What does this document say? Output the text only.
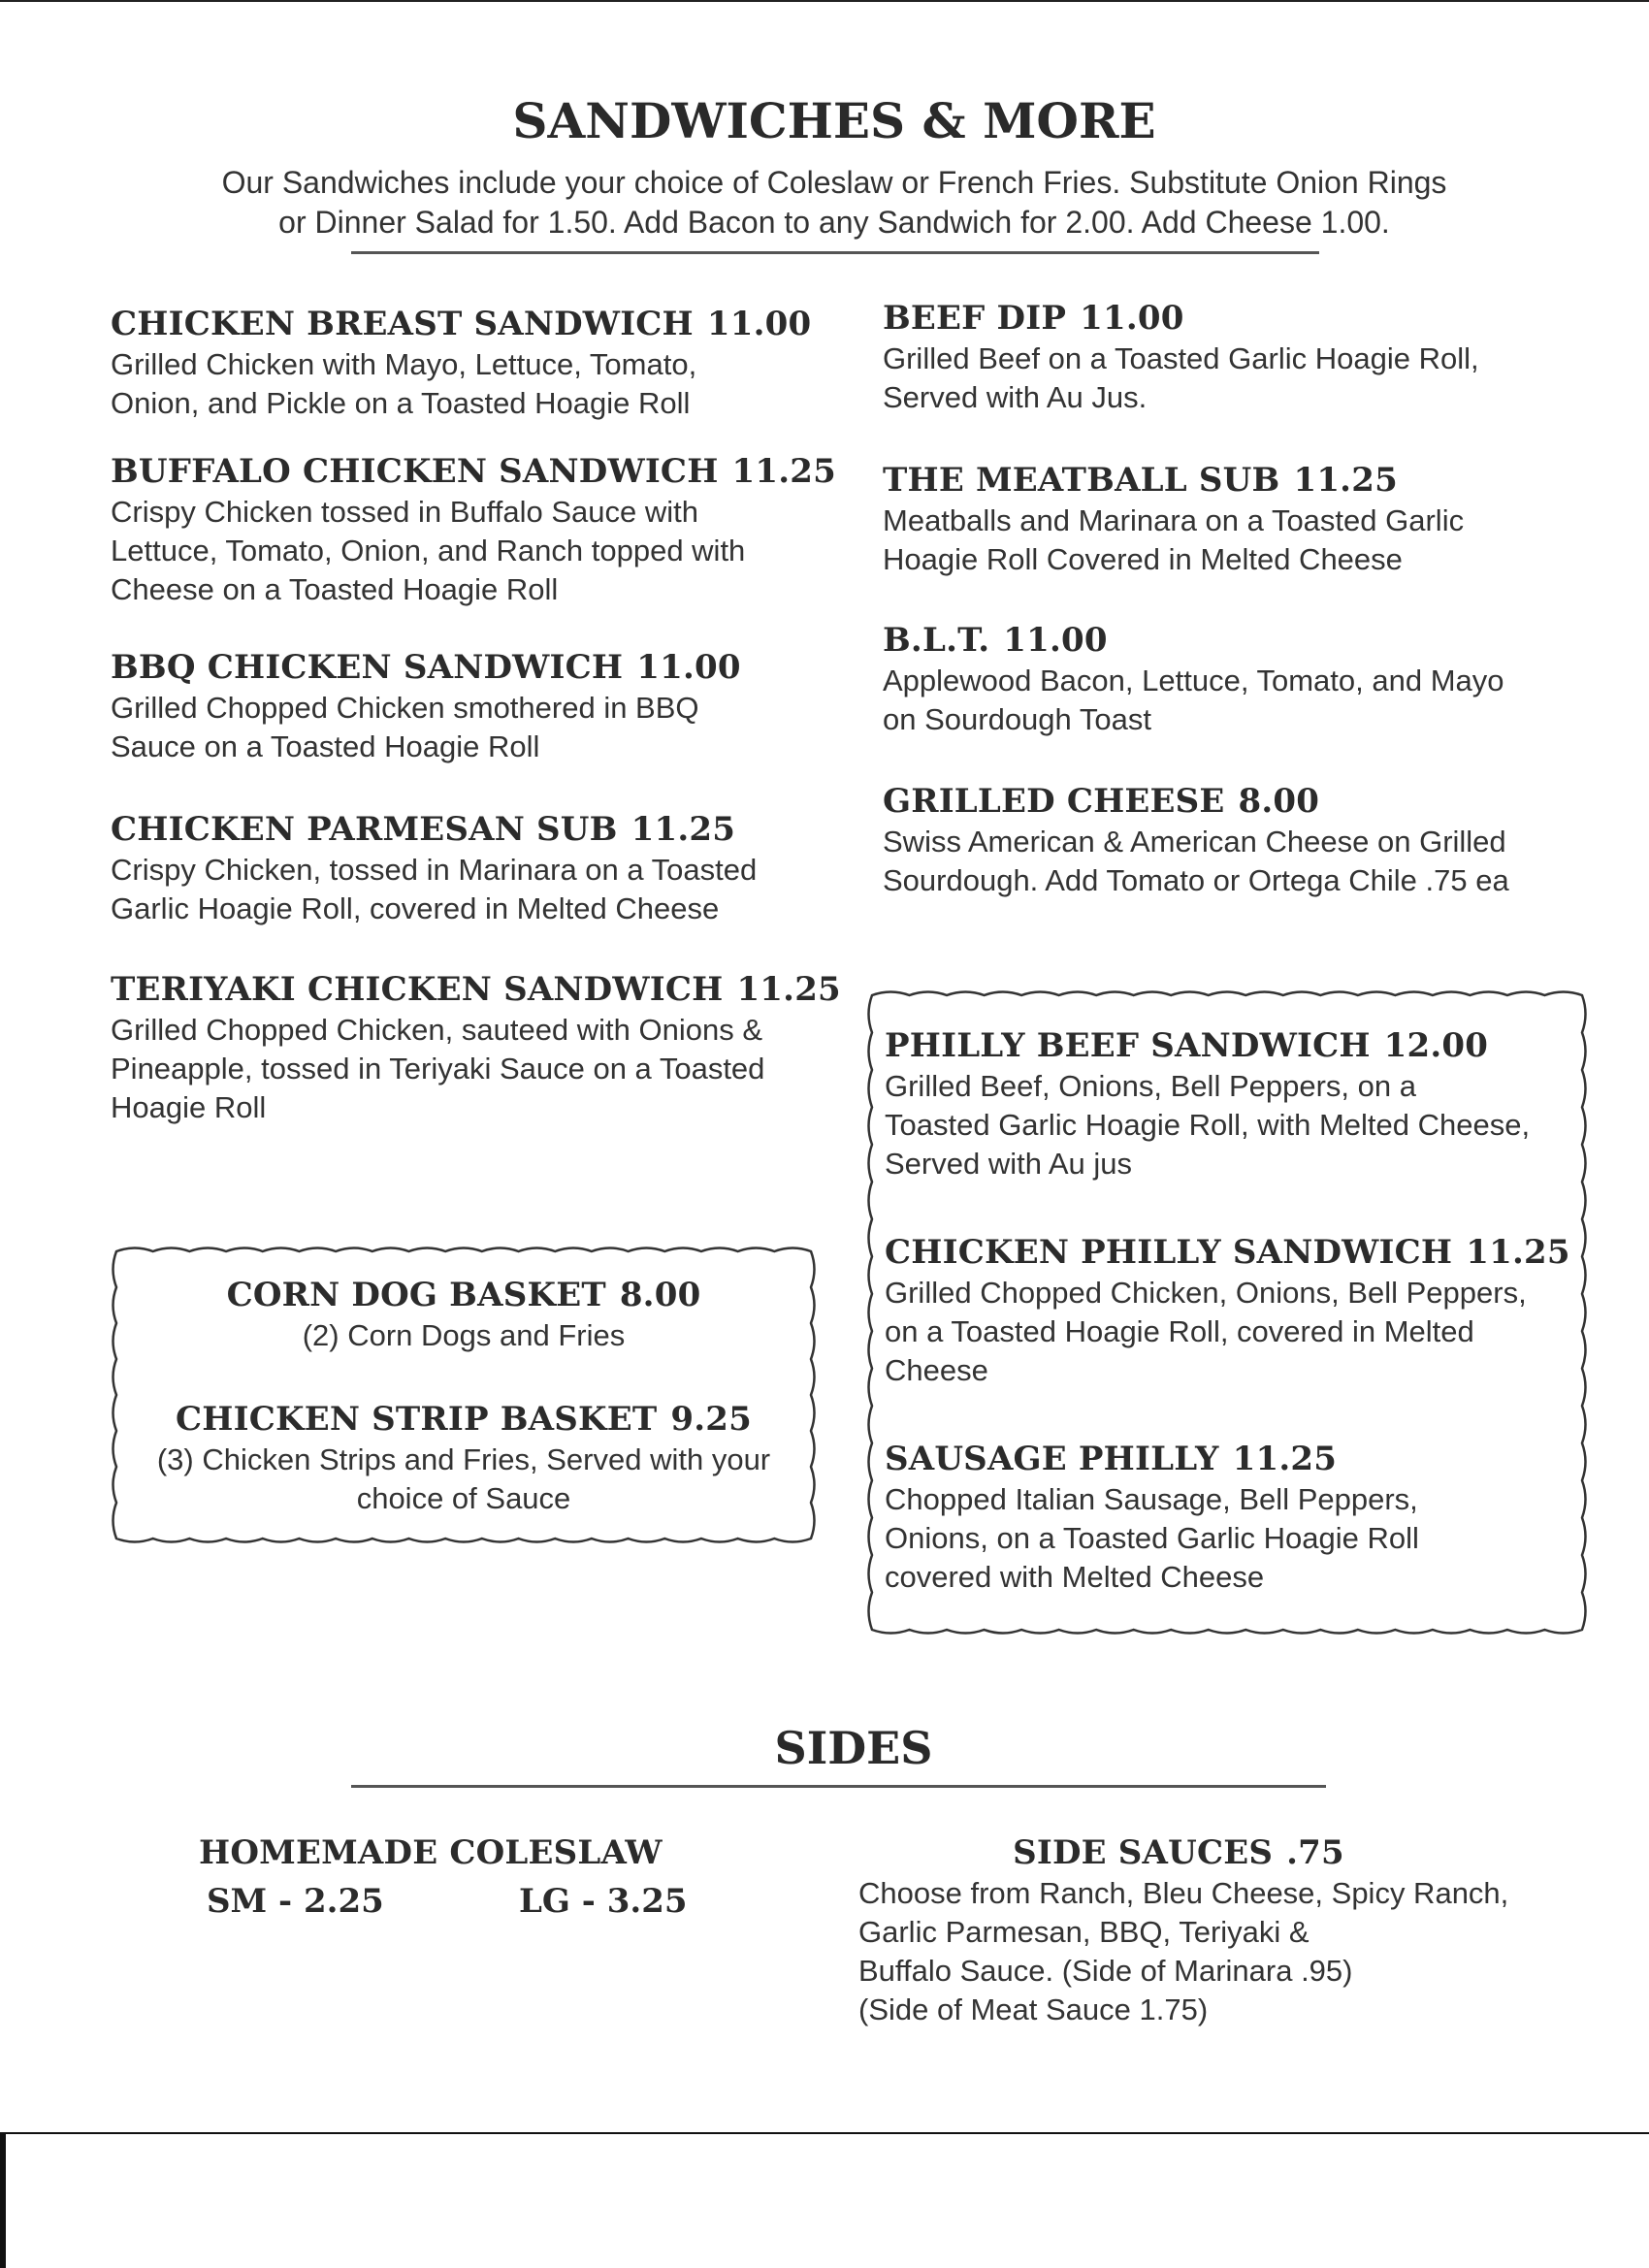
SANDWICHES & MORE
Our Sandwiches include your choice of Coleslaw or French Fries. Substitute Onion Rings
or Dinner Salad for 1.50. Add Bacon to any Sandwich for 2.00. Add Cheese 1.00.
CHICKEN BREAST SANDWICH 11.00
Grilled Chicken with Mayo, Lettuce, Tomato,
Onion, and Pickle on a Toasted Hoagie Roll
BUFFALO CHICKEN SANDWICH 11.25
Crispy Chicken tossed in Buffalo Sauce with
Lettuce, Tomato, Onion, and Ranch topped with
Cheese on a Toasted Hoagie Roll
BBQ CHICKEN SANDWICH 11.00
Grilled Chopped Chicken smothered in BBQ
Sauce on a Toasted Hoagie Roll
CHICKEN PARMESAN SUB 11.25
Crispy Chicken, tossed in Marinara on a Toasted
Garlic Hoagie Roll, covered in Melted Cheese
TERIYAKI CHICKEN SANDWICH 11.25
Grilled Chopped Chicken, sauteed with Onions &
Pineapple, tossed in Teriyaki Sauce on a Toasted
Hoagie Roll
BEEF DIP 11.00
Grilled Beef on a Toasted Garlic Hoagie Roll,
Served with Au Jus.
THE MEATBALL SUB 11.25
Meatballs and Marinara on a Toasted Garlic
Hoagie Roll Covered in Melted Cheese
B.L.T. 11.00
Applewood Bacon, Lettuce, Tomato, and Mayo
on Sourdough Toast
GRILLED CHEESE 8.00
Swiss American & American Cheese on Grilled
Sourdough. Add Tomato or Ortega Chile .75 ea
CORN DOG BASKET 8.00
(2) Corn Dogs and Fries
CHICKEN STRIP BASKET 9.25
(3) Chicken Strips and Fries, Served with your
choice of Sauce
PHILLY BEEF SANDWICH 12.00
Grilled Beef, Onions, Bell Peppers, on a
Toasted Garlic Hoagie Roll, with Melted Cheese,
Served with Au jus
CHICKEN PHILLY SANDWICH 11.25
Grilled Chopped Chicken, Onions, Bell Peppers,
on a Toasted Hoagie Roll, covered in Melted
Cheese
SAUSAGE PHILLY 11.25
Chopped Italian Sausage, Bell Peppers,
Onions, on a Toasted Garlic Hoagie Roll
covered with Melted Cheese
SIDES
HOMEMADE COLESLAW
SM - 2.25	LG - 3.25
SIDE SAUCES .75
Choose from Ranch, Bleu Cheese, Spicy Ranch,
Garlic Parmesan, BBQ, Teriyaki &
Buffalo Sauce. (Side of Marinara .95)
(Side of Meat Sauce 1.75)
